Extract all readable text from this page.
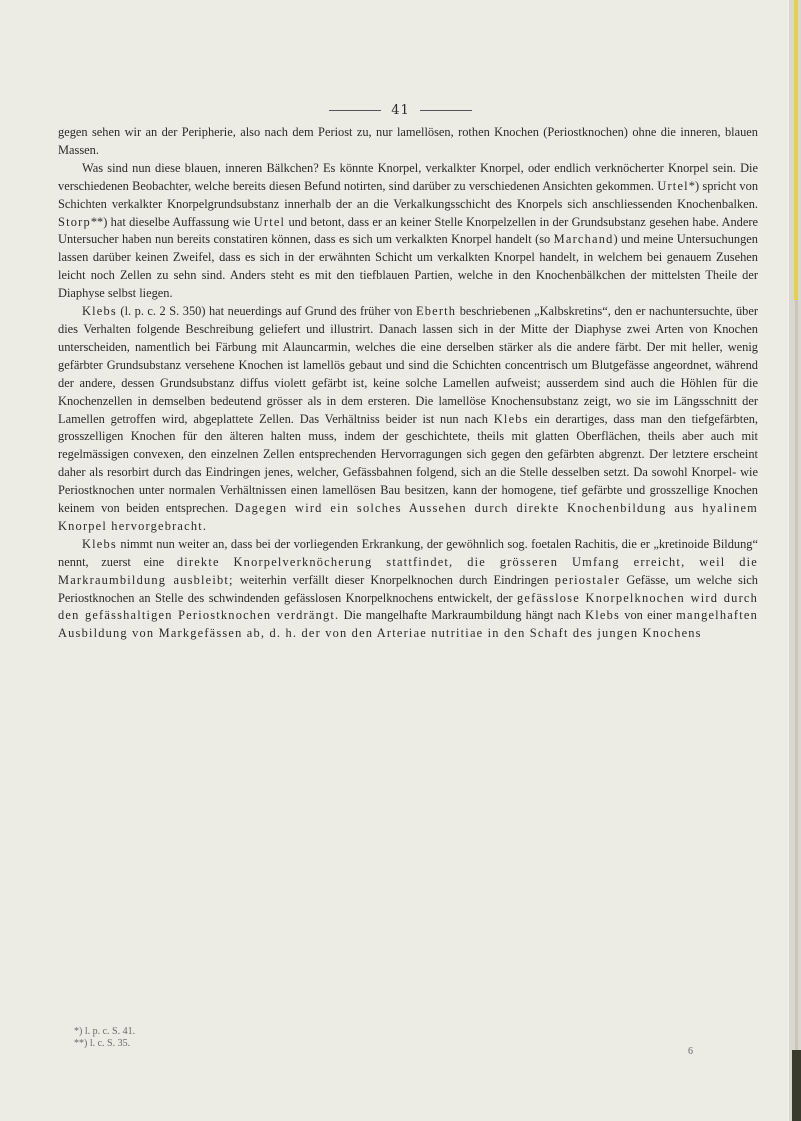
41

gegen sehen wir an der Peripherie, also nach dem Periost zu, nur lamellösen, rothen Knochen (Periostknochen) ohne die inneren, blauen Massen.

Was sind nun diese blauen, inneren Bälkchen? Es könnte Knorpel, verkalkter Knorpel, oder endlich verknöcherter Knorpel sein. Die verschiedenen Beobachter, welche bereits diesen Befund notirten, sind darüber zu verschiedenen Ansichten gekommen. Urtel*) spricht von Schichten verkalkter Knorpelgrundsubstanz innerhalb der an die Verkalkungsschicht des Knorpels sich anschliessenden Knochenbalken. Storp**) hat dieselbe Auffassung wie Urtel und betont, dass er an keiner Stelle Knorpelzellen in der Grundsubstanz gesehen habe. Andere Untersucher haben nun bereits constatiren können, dass es sich um verkalkten Knorpel handelt (so Marchand) und meine Untersuchungen lassen darüber keinen Zweifel, dass es sich in der erwähnten Schicht um verkalkten Knorpel handelt, in welchem bei genauem Zusehen leicht noch Zellen zu sehn sind. Anders steht es mit den tiefblauen Partien, welche in den Knochenbälkchen der mittelsten Theile der Diaphyse selbst liegen.

Klebs (l. p. c. 2 S. 350) hat neuerdings auf Grund des früher von Eberth beschriebenen „Kalbskretins“, den er nachuntersuchte, über dies Verhalten folgende Beschreibung geliefert und illustrirt. Danach lassen sich in der Mitte der Diaphyse zwei Arten von Knochen unterscheiden, namentlich bei Färbung mit Alauncarmin, welches die eine derselben stärker als die andere färbt. Der mit heller, wenig gefärbter Grundsubstanz versehene Knochen ist lamellös gebaut und sind die Schichten concentrisch um Blutgefässe angeordnet, während der andere, dessen Grundsubstanz diffus violett gefärbt ist, keine solche Lamellen aufweist; ausserdem sind auch die Höhlen für die Knochenzellen in demselben bedeutend grösser als in dem ersteren. Die lamellöse Knochensubstanz zeigt, wo sie im Längsschnitt der Lamellen getroffen wird, abgeplattete Zellen. Das Verhältniss beider ist nun nach Klebs ein derartiges, dass man den tiefgefärbten, grosszelligen Knochen für den älteren halten muss, indem der geschichtete, theils mit glatten Oberflächen, theils aber auch mit regelmässigen convexen, den einzelnen Zellen entsprechenden Hervorragungen sich gegen den gefärbten abgrenzt. Der letztere erscheint daher als resorbirt durch das Eindringen jenes, welcher, Gefässbahnen folgend, sich an die Stelle desselben setzt. Da sowohl Knorpel- wie Periostknochen unter normalen Verhältnissen einen lamellösen Bau besitzen, kann der homogene, tief gefärbte und grosszellige Knochen keinem von beiden entsprechen. Dagegen wird ein solches Aussehen durch direkte Knochenbildung aus hyalinem Knorpel hervorgebracht.

Klebs nimmt nun weiter an, dass bei der vorliegenden Erkrankung, der gewöhnlich sog. foetalen Rachitis, die er „kretinoide Bildung“ nennt, zuerst eine direkte Knorpelverknöcherung stattfindet, die grösseren Umfang erreicht, weil die Markraumbildung ausbleibt; weiterhin verfällt dieser Knorpelknochen durch Eindringen periostaler Gefässe, um welche sich Periostknochen an Stelle des schwindenden gefässlosen Knorpelknochens entwickelt, der gefässlose Knorpelknochen wird durch den gefässhaltigen Periostknochen verdrängt. Die mangelhafte Markraumbildung hängt nach Klebs von einer mangelhaften Ausbildung von Markgefässen ab, d. h. der von den Arteriae nutritiae in den Schaft des jungen Knochens

*) l. p. c. S. 41.
**) l. c. S. 35.
6
